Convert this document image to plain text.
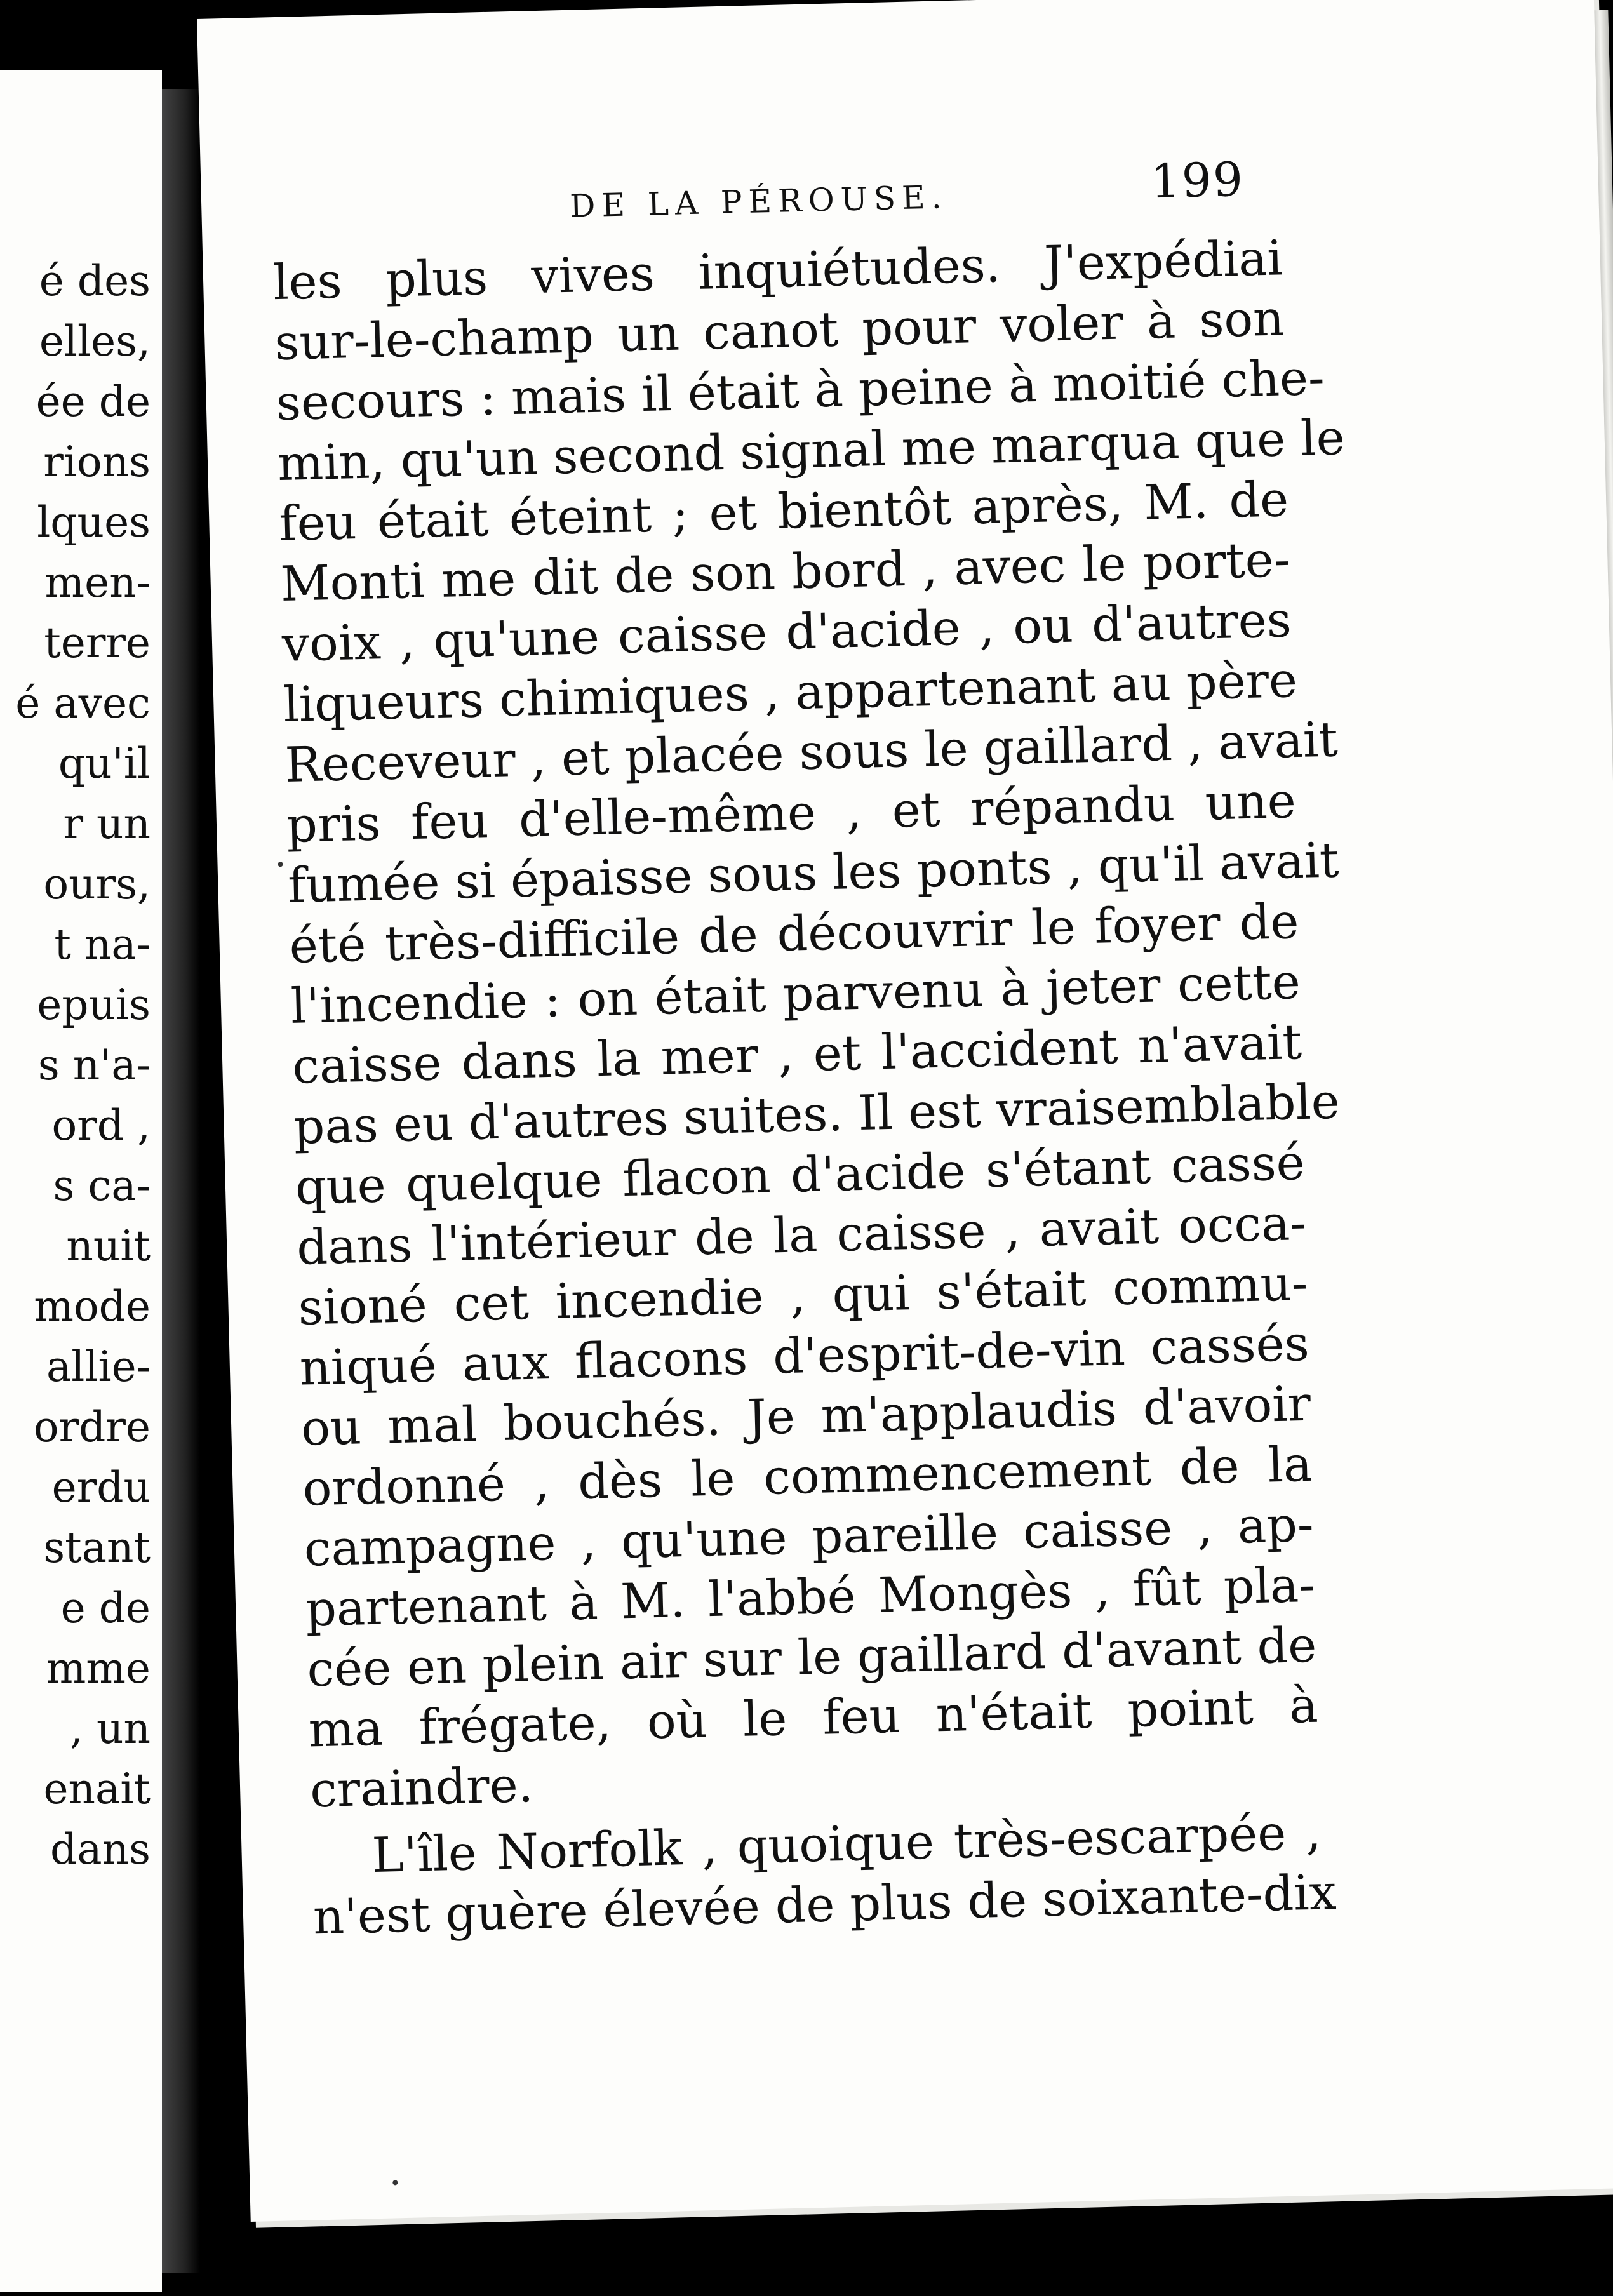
é des
elles,
ée de
rions
lques
men-
terre
é avec
qu'il
r un
ours,
t na-
epuis
s n'a-
ord ,
s ca-
nuit
mode
allie-
ordre
erdu
stant
e de
mme
, un
enait
dans
DE LA PÉROUSE.	199
les plus vives inquiétudes. J'expédiai
sur-le-champ un canot pour voler à son
secours : mais il était à peine à moitié che-
min, qu'un second signal me marqua que le
feu était éteint ; et bientôt après, M. de
Monti me dit de son bord , avec le porte-
voix , qu'une caisse d'acide , ou d'autres
liqueurs chimiques , appartenant au père
Receveur , et placée sous le gaillard , avait
pris feu d'elle-même , et répandu une
fumée si épaisse sous les ponts , qu'il avait
été très-difficile de découvrir le foyer de
l'incendie : on était parvenu à jeter cette
caisse dans la mer , et l'accident n'avait
pas eu d'autres suites. Il est vraisemblable
que quelque flacon d'acide s'étant cassé
dans l'intérieur de la caisse , avait occa-
sioné cet incendie , qui s'était commu-
niqué aux flacons d'esprit-de-vin cassés
ou mal bouchés. Je m'applaudis d'avoir
ordonné , dès le commencement de la
campagne , qu'une pareille caisse , ap-
partenant à M. l'abbé Mongès , fût pla-
cée en plein air sur le gaillard d'avant de
ma frégate, où le feu n'était point à
craindre.
L'île Norfolk , quoique très-escarpée ,
n'est guère élevée de plus de soixante-dix
